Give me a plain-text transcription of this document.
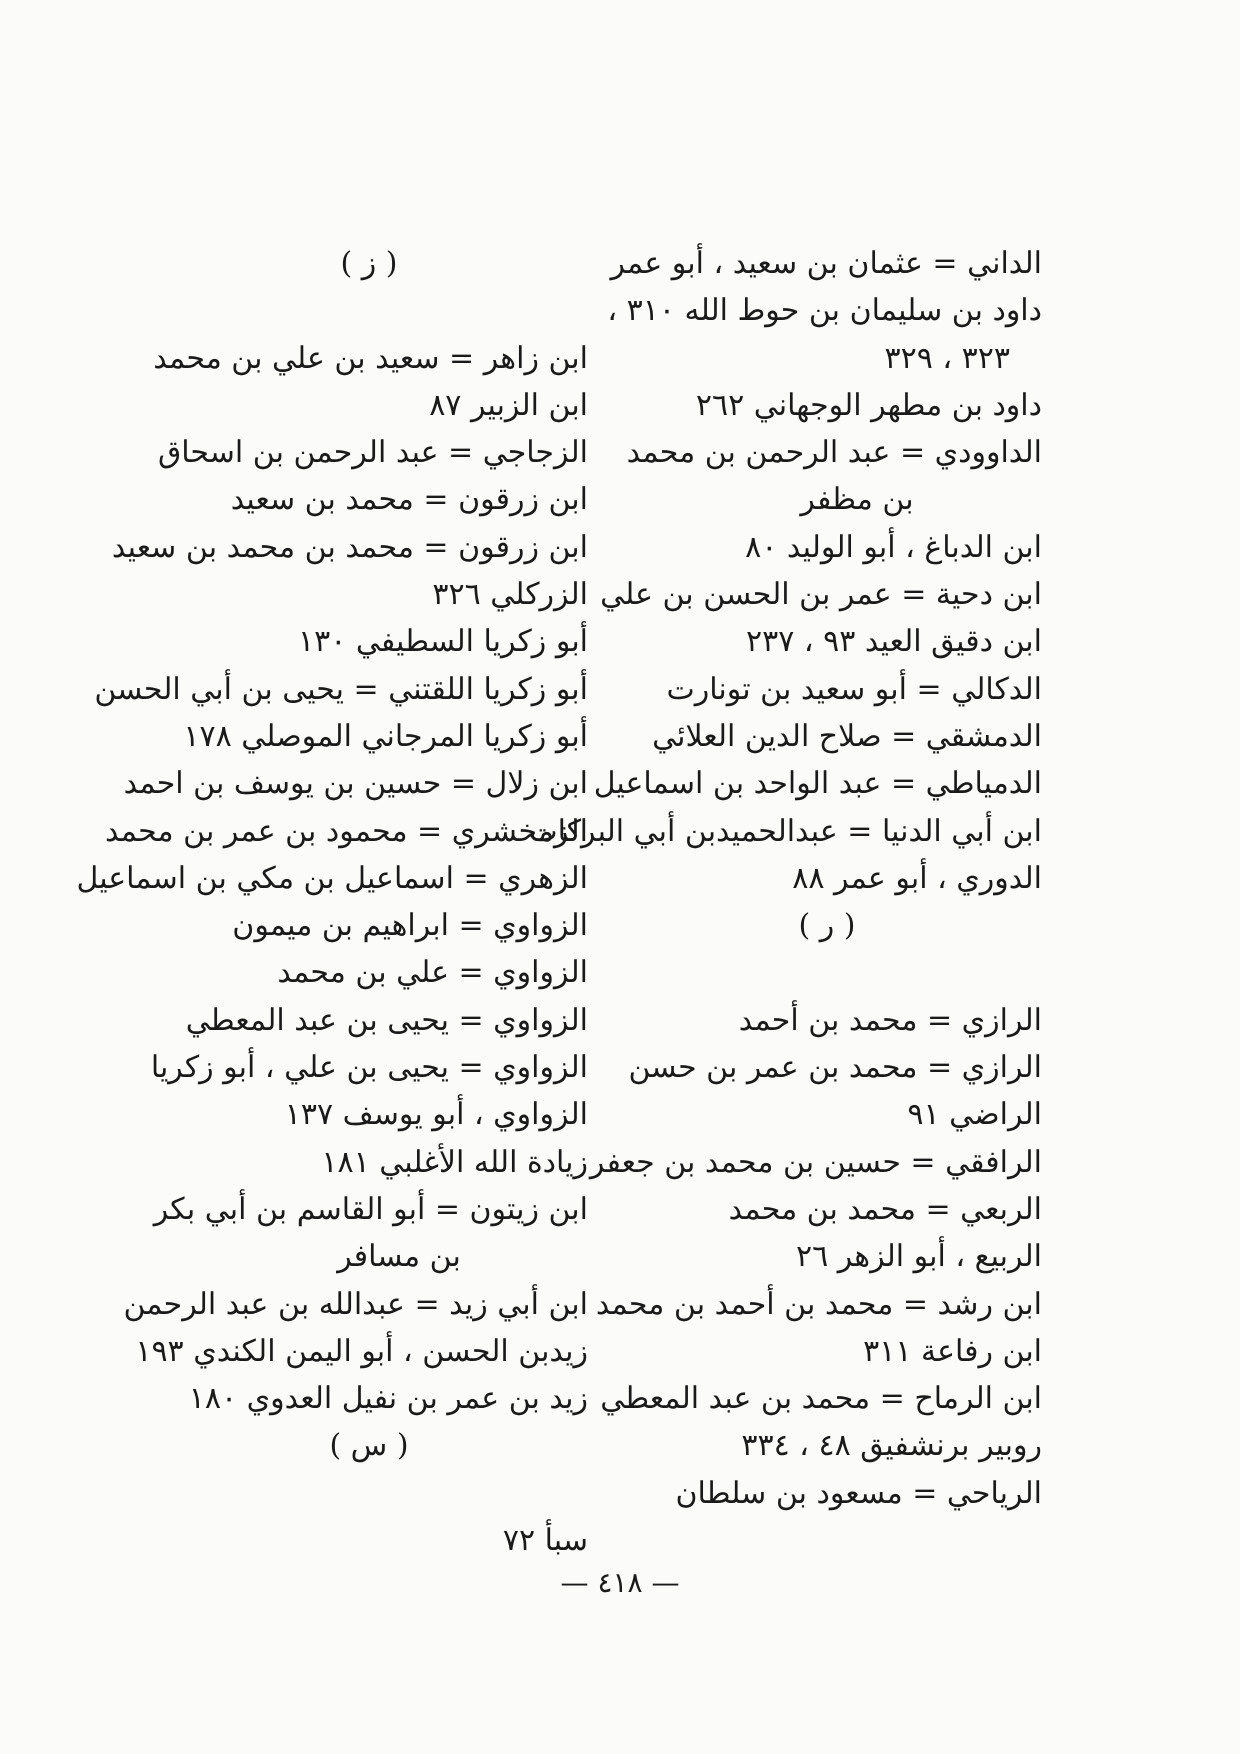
الداني = عثمان بن سعيد ، أبو عمر
داود بن سليمان بن حوط الله ٣١٠ ،
٣٢٣ ، ٣٢٩
داود بن مطهر الوجهاني ٢٦٢
الداوودي = عبد الرحمن بن محمد
بن مظفر
ابن الدباغ ، أبو الوليد ٨٠
ابن دحية = عمر بن الحسن بن علي
ابن دقيق العيد ٩٣ ، ٢٣٧
الدكالي = أبو سعيد بن تونارت
الدمشقي = صلاح الدين العلائي
الدمياطي = عبد الواحد بن اسماعيل
ابن أبي الدنيا = عبدالحميدبن أبي البركات
الدوري ، أبو عمر ٨٨
( ر )
الرازي = محمد بن أحمد
الرازي = محمد بن عمر بن حسن
الراضي ٩١
الرافقي = حسين بن محمد بن جعفر
الربعي = محمد بن محمد
الربيع ، أبو الزهر ٢٦
ابن رشد = محمد بن أحمد بن محمد
ابن رفاعة ٣١١
ابن الرماح = محمد بن عبد المعطي
روبير برنشفيق ٤٨ ، ٣٣٤
الرياحي = مسعود بن سلطان
( ز )
ابن زاهر = سعيد بن علي بن محمد
ابن الزبير ٨٧
الزجاجي = عبد الرحمن بن اسحاق
ابن زرقون = محمد بن سعيد
ابن زرقون = محمد بن محمد بن سعيد
الزركلي ٣٢٦
أبو زكريا السطيفي ١٣٠
أبو زكريا اللقتني = يحيى بن أبي الحسن
أبو زكريا المرجاني الموصلي ١٧٨
ابن زلال = حسين بن يوسف بن احمد
الزمخشري = محمود بن عمر بن محمد
الزهري = اسماعيل بن مكي بن اسماعيل
الزواوي = ابراهيم بن ميمون
الزواوي = علي بن محمد
الزواوي = يحيى بن عبد المعطي
الزواوي = يحيى بن علي ، أبو زكريا
الزواوي ، أبو يوسف ١٣٧
زيادة الله الأغلبي ١٨١
ابن زيتون = أبو القاسم بن أبي بكر
بن مسافر
ابن أبي زيد = عبدالله بن عبد الرحمن
زيدبن الحسن ، أبو اليمن الكندي ١٩٣
زيد بن عمر بن نفيل العدوي ١٨٠
( س )
سبأ ٧٢
— ٤١٨ —
